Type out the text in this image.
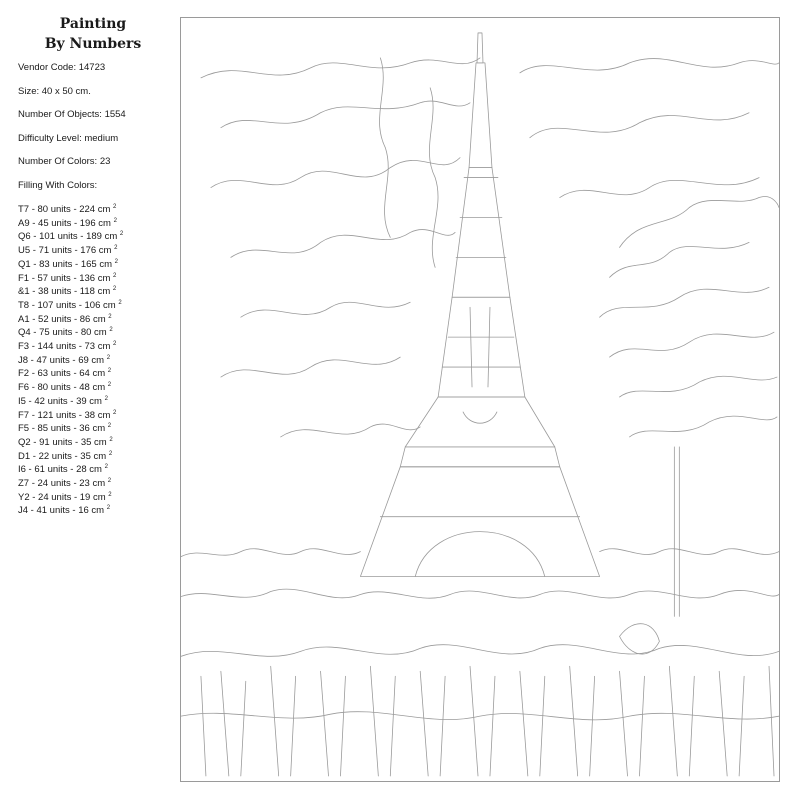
Painting
By Numbers
Vendor Code: 14723
Size: 40 x 50 cm.
Number Of Objects: 1554
Difficulty Level: medium
Number Of Colors: 23
Filling With Colors:
T7 - 80 units - 224 cm $^2$
A9 - 45 units - 196 cm $^2$
Q6 - 101 units - 189 cm $^2$
U5 - 71 units - 176 cm $^2$
Q1 - 83 units - 165 cm $^2$
F1 - 57 units - 136 cm $^2$
&1 - 38 units - 118 cm $^2$
T8 - 107 units - 106 cm $^2$
A1 - 52 units - 86 cm $^2$
Q4 - 75 units - 80 cm $^2$
F3 - 144 units - 73 cm $^2$
J8 - 47 units - 69 cm $^2$
F2 - 63 units - 64 cm $^2$
F6 - 80 units - 48 cm $^2$
I5 - 42 units - 39 cm $^2$
F7 - 121 units - 38 cm $^2$
F5 - 85 units - 36 cm $^2$
Q2 - 91 units - 35 cm $^2$
D1 - 22 units - 35 cm $^2$
I6 - 61 units - 28 cm $^2$
Z7 - 24 units - 23 cm $^2$
Y2 - 24 units - 19 cm $^2$
J4 - 41 units - 16 cm $^2$
